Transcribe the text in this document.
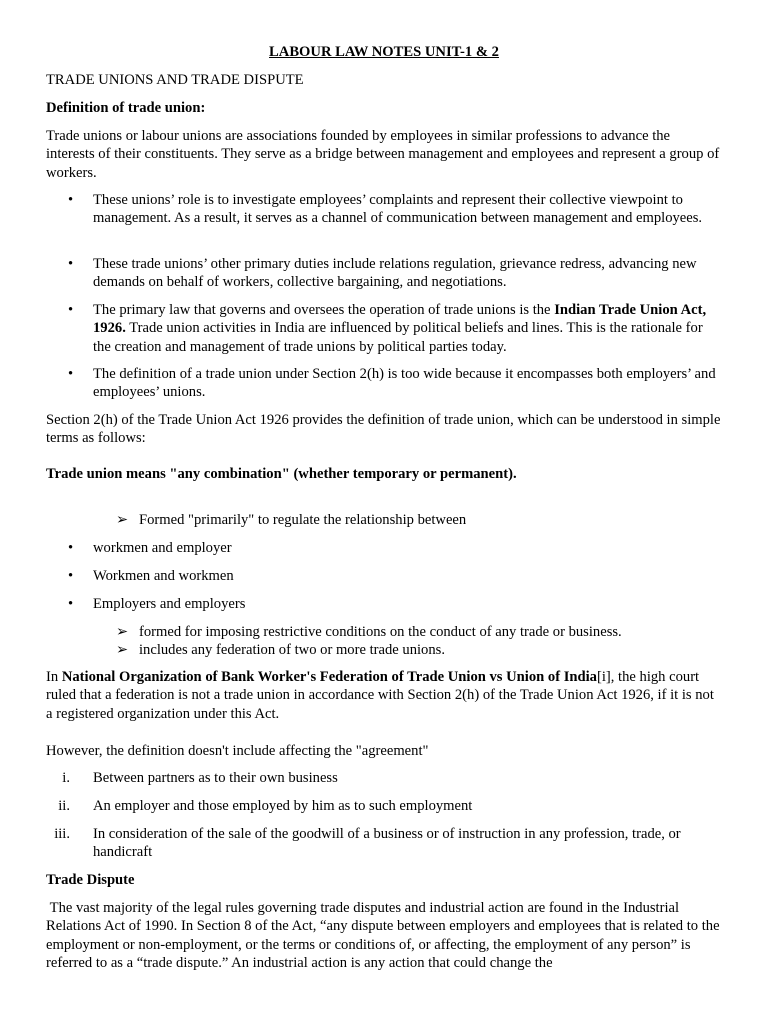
LABOUR LAW NOTES UNIT-1 & 2

TRADE UNIONS AND TRADE DISPUTE

Definition of trade union:

Trade unions or labour unions are associations founded by employees in similar professions to advance the interests of their constituents. They serve as a bridge between management and employees and represent a group of workers.

• These unions’ role is to investigate employees’ complaints and represent their collective viewpoint to management. As a result, it serves as a channel of communication between management and employees.
• These trade unions’ other primary duties include relations regulation, grievance redress, advancing new demands on behalf of workers, collective bargaining, and negotiations.
• The primary law that governs and oversees the operation of trade unions is the Indian Trade Union Act, 1926. Trade union activities in India are influenced by political beliefs and lines. This is the rationale for the creation and management of trade unions by political parties today.
• The definition of a trade union under Section 2(h) is too wide because it encompasses both employers’ and employees’ unions.

Section 2(h) of the Trade Union Act 1926 provides the definition of trade union, which can be understood in simple terms as follows:

Trade union means "any combination" (whether temporary or permanent).

➢ Formed "primarily" to regulate the relationship between
• workmen and employer
• Workmen and workmen
• Employers and employers
➢ formed for imposing restrictive conditions on the conduct of any trade or business.
➢ includes any federation of two or more trade unions.

In National Organization of Bank Worker's Federation of Trade Union vs Union of India[i], the high court ruled that a federation is not a trade union in accordance with Section 2(h) of the Trade Union Act 1926, if it is not a registered organization under this Act.

However, the definition doesn't include affecting the "agreement"

i. Between partners as to their own business
ii. An employer and those employed by him as to such employment
iii. In consideration of the sale of the goodwill of a business or of instruction in any profession, trade, or handicraft

Trade Dispute

The vast majority of the legal rules governing trade disputes and industrial action are found in the Industrial Relations Act of 1990. In Section 8 of the Act, “any dispute between employers and employees that is related to the employment or non-employment, or the terms or conditions of, or affecting, the employment of any person” is referred to as a “trade dispute.” An industrial action is any action that could change the
